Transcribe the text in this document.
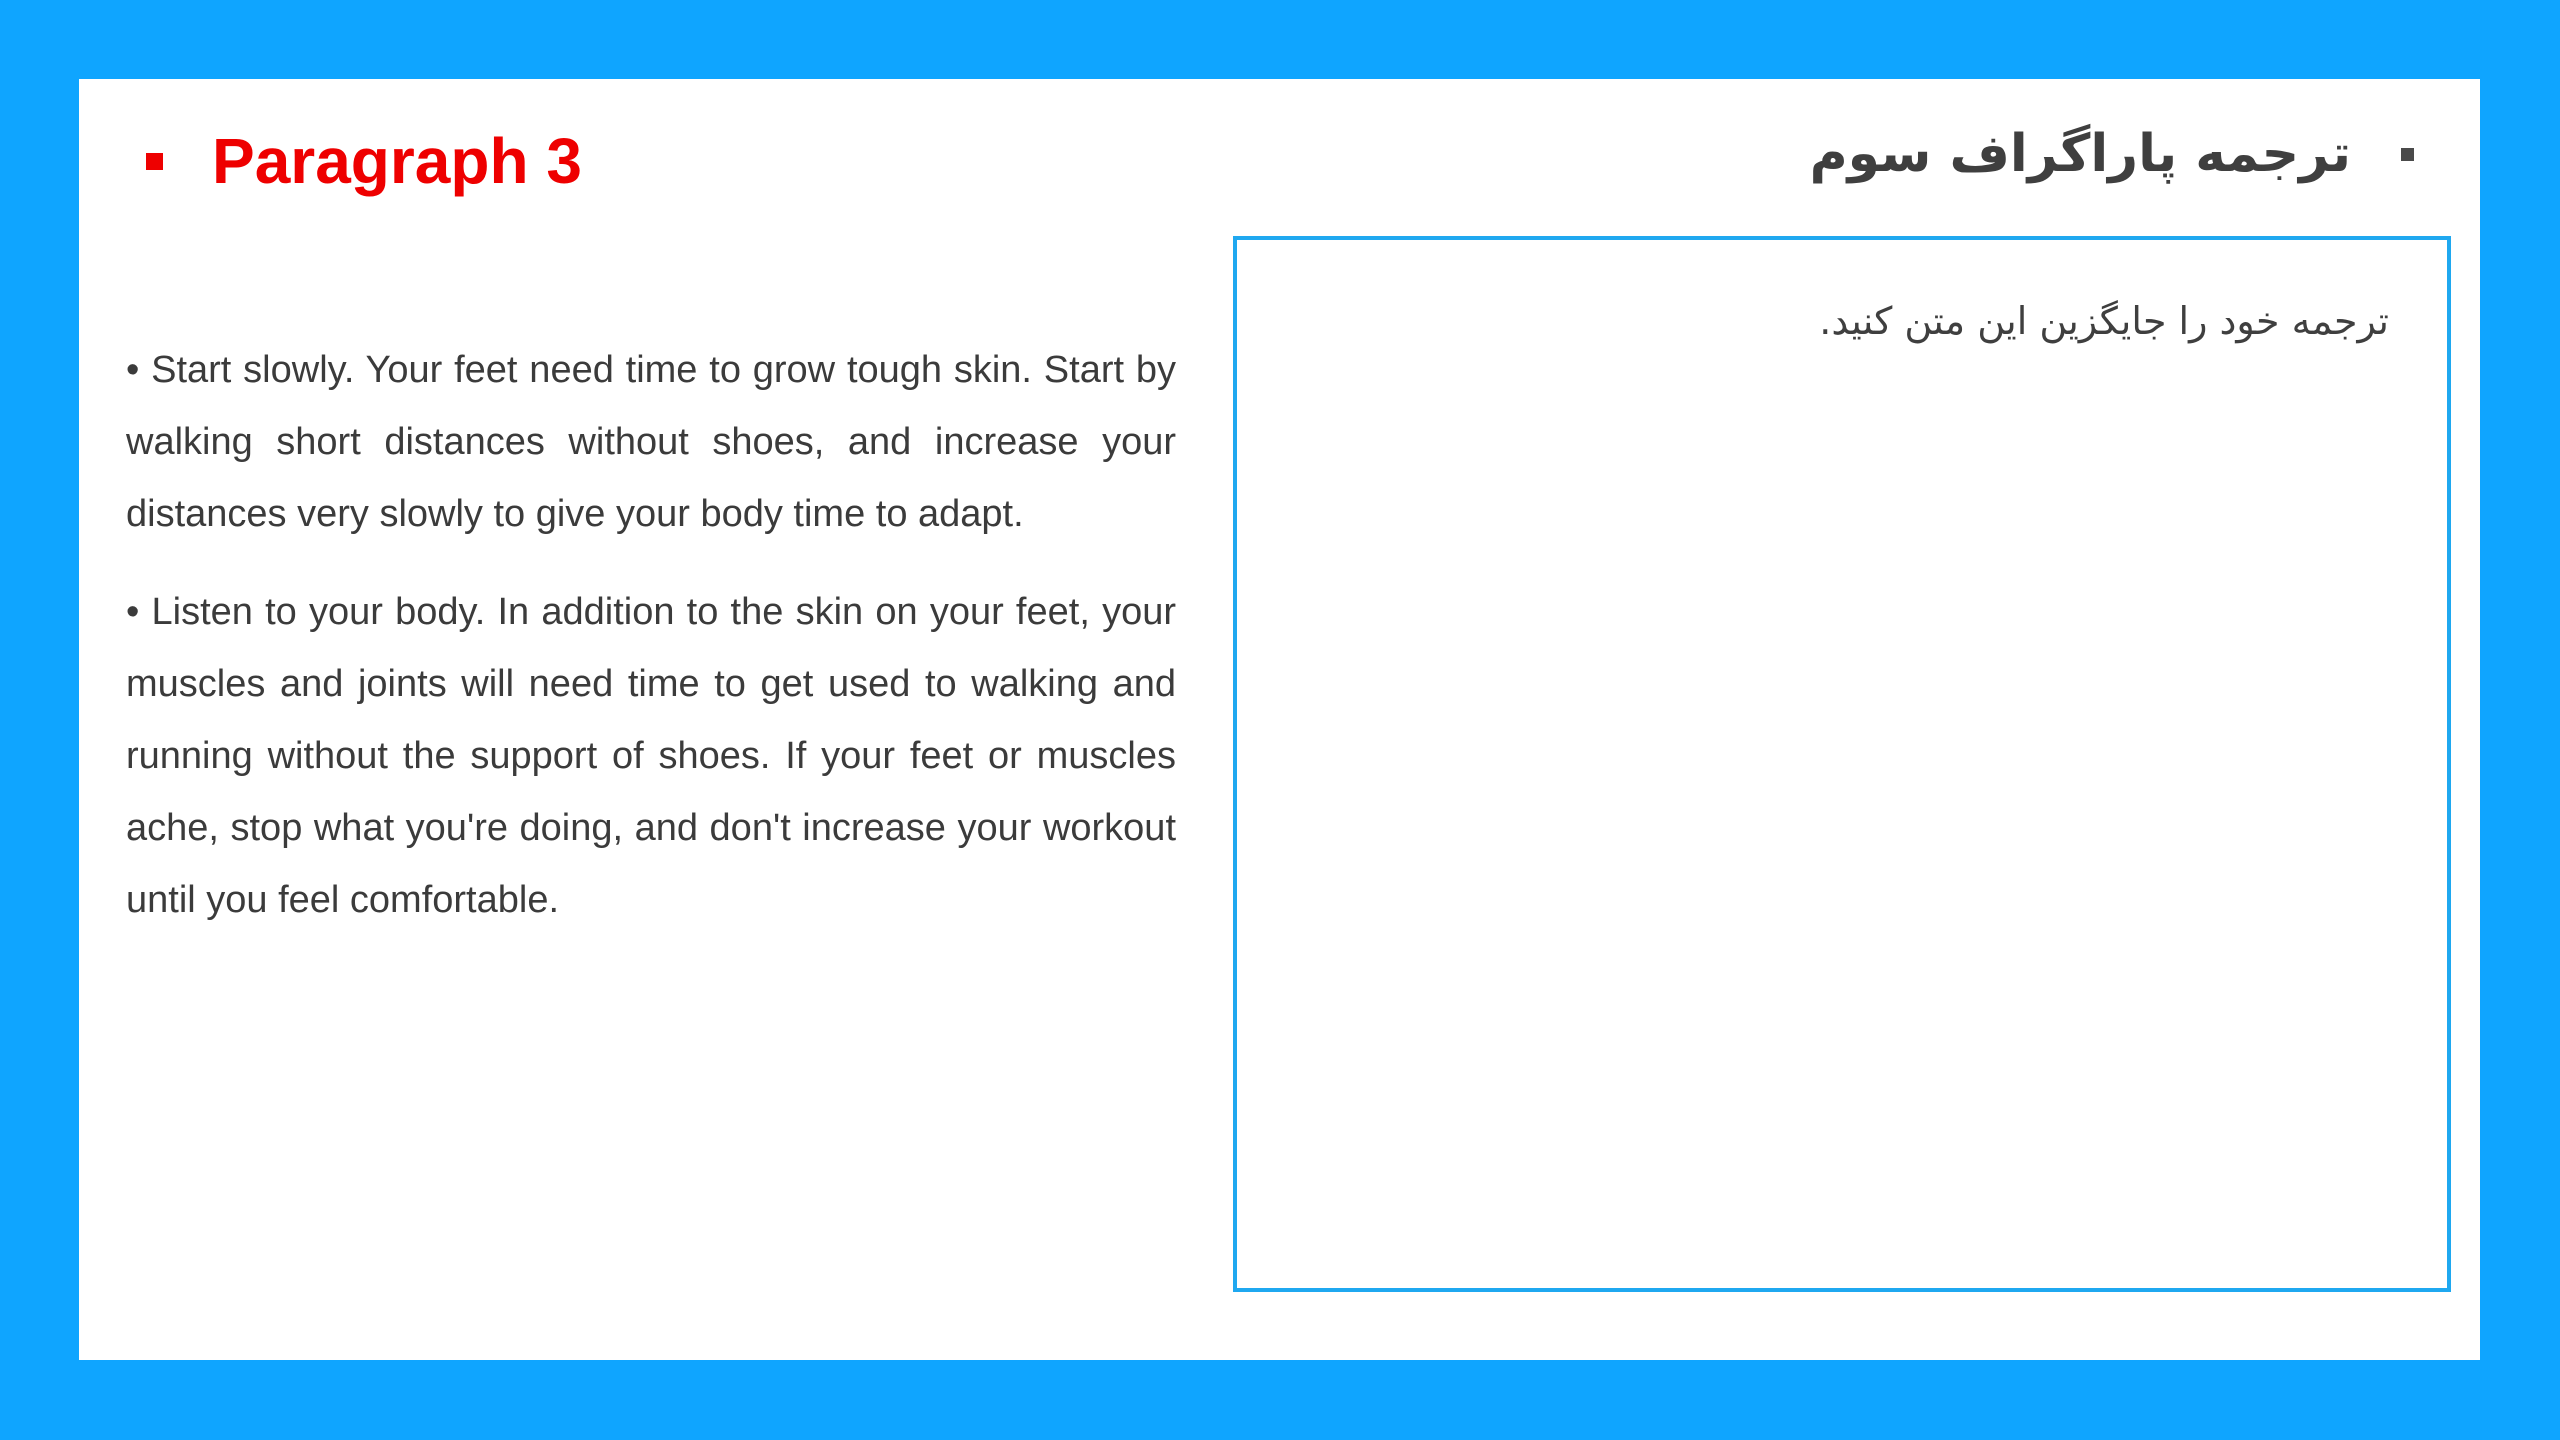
Paragraph 3

• Start slowly. Your feet need time to grow tough skin. Start by walking short distances without shoes, and increase your distances very slowly to give your body time to adapt.

• Listen to your body. In addition to the skin on your feet, your muscles and joints will need time to get used to walking and running without the support of shoes. If your feet or muscles ache, stop what you're doing, and don't increase your workout until you feel comfortable.

ترجمه پاراگراف سوم
ترجمه خود را جایگزین این متن کنید.
